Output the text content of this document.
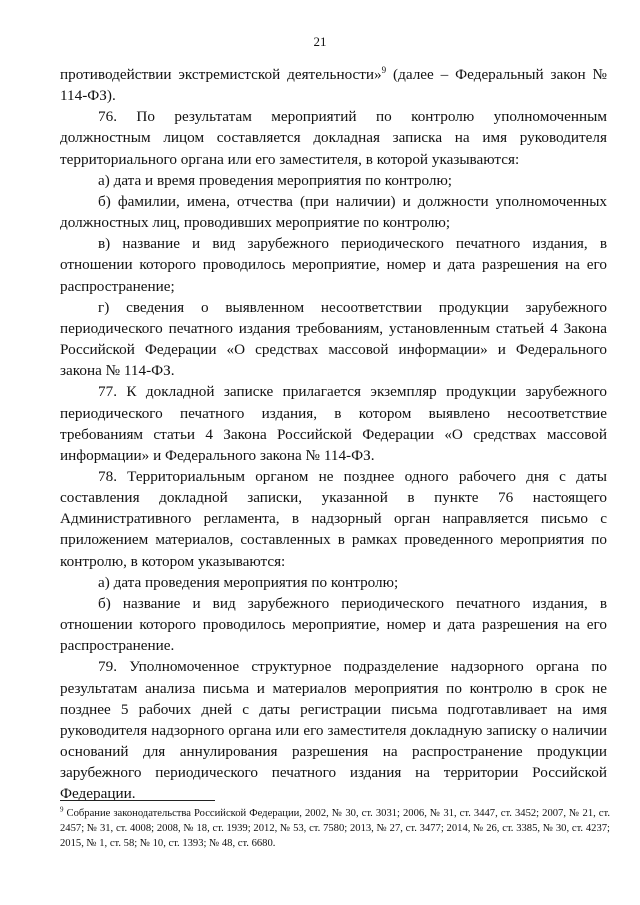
21

противодействии экстремистской деятельности»$^9$ (далее – Федеральный закон № 114-ФЗ).

76. По результатам мероприятий по контролю уполномоченным должностным лицом составляется докладная записка на имя руководителя территориального органа или его заместителя, в которой указываются:

а) дата и время проведения мероприятия по контролю;

б) фамилии, имена, отчества (при наличии) и должности уполномоченных должностных лиц, проводивших мероприятие по контролю;

в) название и вид зарубежного периодического печатного издания, в отношении которого проводилось мероприятие, номер и дата разрешения на его распространение;

г) сведения о выявленном несоответствии продукции зарубежного периодического печатного издания требованиям, установленным статьей 4 Закона Российской Федерации «О средствах массовой информации» и Федерального закона № 114-ФЗ.

77. К докладной записке прилагается экземпляр продукции зарубежного периодического печатного издания, в котором выявлено несоответствие требованиям статьи 4 Закона Российской Федерации «О средствах массовой информации» и Федерального закона № 114-ФЗ.

78. Территориальным органом не позднее одного рабочего дня с даты составления докладной записки, указанной в пункте 76 настоящего Административного регламента, в надзорный орган направляется письмо с приложением материалов, составленных в рамках проведенного мероприятия по контролю, в котором указываются:

а) дата проведения мероприятия по контролю;

б) название и вид зарубежного периодического печатного издания, в отношении которого проводилось мероприятие, номер и дата разрешения на его распространение.

79. Уполномоченное структурное подразделение надзорного органа по результатам анализа письма и материалов мероприятия по контролю в срок не позднее 5 рабочих дней с даты регистрации письма подготавливает на имя руководителя надзорного органа или его заместителя докладную записку о наличии оснований для аннулирования разрешения на распространение продукции зарубежного периодического печатного издания на территории Российской Федерации.

$^9$ Собрание законодательства Российской Федерации, 2002, № 30, ст. 3031; 2006, № 31, ст. 3447, ст. 3452; 2007, № 21, ст. 2457; № 31, ст. 4008; 2008, № 18, ст. 1939; 2012, № 53, ст. 7580; 2013, № 27, ст. 3477; 2014, № 26, ст. 3385, № 30, ст. 4237; 2015, № 1, ст. 58; № 10, ст. 1393; № 48, ст. 6680.
